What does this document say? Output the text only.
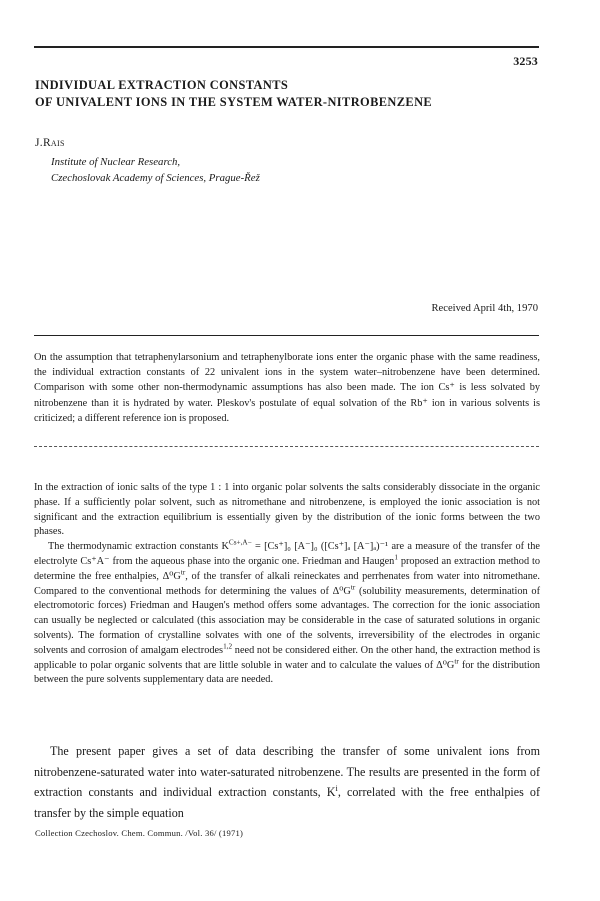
3253
INDIVIDUAL EXTRACTION CONSTANTS
OF UNIVALENT IONS IN THE SYSTEM WATER-NITROBENZENE
J.Rais
Institute of Nuclear Research,
Czechoslovak Academy of Sciences, Prague-Řež
Received April 4th, 1970
On the assumption that tetraphenylarsonium and tetraphenylborate ions enter the organic phase with the same readiness, the individual extraction constants of 22 univalent ions in the system water–nitrobenzene have been determined. Comparison with some other non-thermodynamic assumptions has also been made. The ion Cs⁺ is less solvated by nitrobenzene than it is hydrated by water. Pleskov's postulate of equal solvation of the Rb⁺ ion in various solvents is criticized; a different reference ion is proposed.

In the extraction of ionic salts of the type 1 : 1 into organic polar solvents the salts considerably dissociate in the organic phase. If a sufficiently polar solvent, such as nitromethane and nitrobenzene, is employed the ionic association is not significant and the extraction equilibrium is essentially given by the distribution of the ionic forms between the two phases.

The thermodynamic extraction constants $K^{Cs+,A-} = [Cs^+]_0$ [A⁻]₀ ([Cs⁺]ₐ [A⁻]ₐ)⁻¹ are a measure of the transfer of the electrolyte Cs⁺A⁻ from the aqueous phase into the organic one. Friedman and Haugen$^1$ proposed an extraction method to determine the free enthalpies, $\Delta^0G^{tr}$, of the transfer of alkali reineckates and perrhenates from water into nitromethane. Compared to the conventional methods for determining the values of $\Delta^0G^{tr}$ (solubility measurements, determination of electromotoric forces) Friedman and Haugen's method offers some advantages. The correction for the ionic association can usually be neglected or calculated (this association may be considerable in the case of saturated solutions in organic solvents). The formation of crystalline solvates with one of the solvents, irreversibility of the electrodes in organic solvents and corrosion of amalgam electrodes$^{1,2}$ need not be considered either. On the other hand, the extraction method is applicable to polar organic solvents that are little soluble in water and to calculate the values of $\Delta^0G^{tr}$ for the distribution between the pure solvents supplementary data are needed.

The present paper gives a set of data describing the transfer of some univalent ions from nitrobenzene-saturated water into water-saturated nitrobenzene. The results are presented in the form of extraction constants and individual extraction constants, $K^i$, correlated with the free enthalpies of transfer by the simple equation
Collection Czechoslov. Chem. Commun. /Vol. 36/ (1971)
